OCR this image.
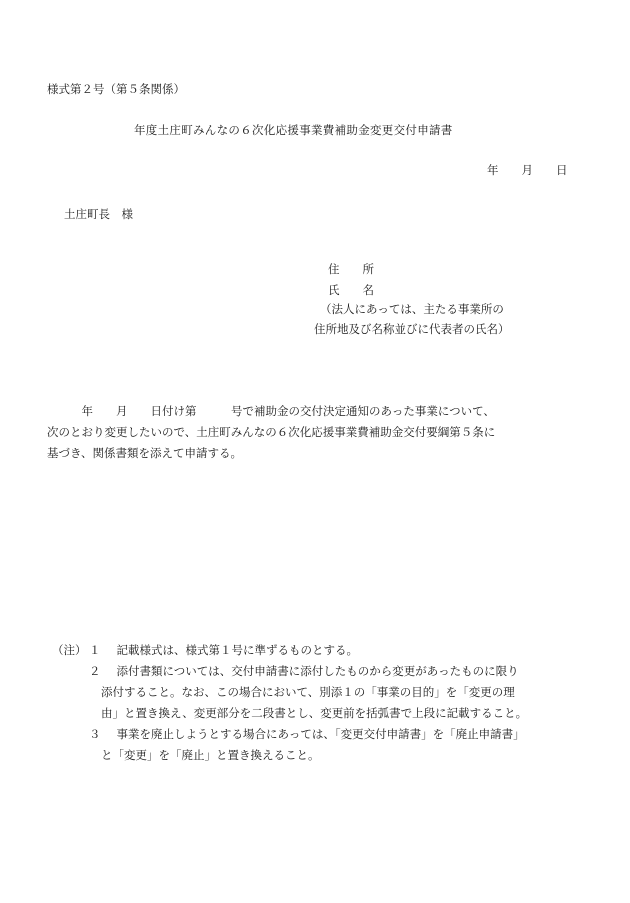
様式第２号（第５条関係）
年度土庄町みんなの６次化応援事業費補助金変更交付申請書
年　　月　　日
土庄町長　様
住　　所
氏　　名
（法人にあっては、主たる事業所の
住所地及び名称並びに代表者の氏名）
　　　年　　月　　日付け第　　　号で補助金の交付決定通知のあった事業について、
次のとおり変更したいので、土庄町みんなの６次化応援事業費補助金交付要綱第５条に
基づき、関係書類を添えて申請する。
（注） １　 記載様式は、様式第１号に準ずるものとする。
２　 添付書類については、交付申請書に添付したものから変更があったものに限り
添付すること。なお、この場合において、別添１の「事業の目的」を「変更の理
由」と置き換え、変更部分を二段書とし、変更前を括弧書で上段に記載すること。
３　 事業を廃止しようとする場合にあっては、「変更交付申請書」を「廃止申請書」
と「変更」を「廃止」と置き換えること。
